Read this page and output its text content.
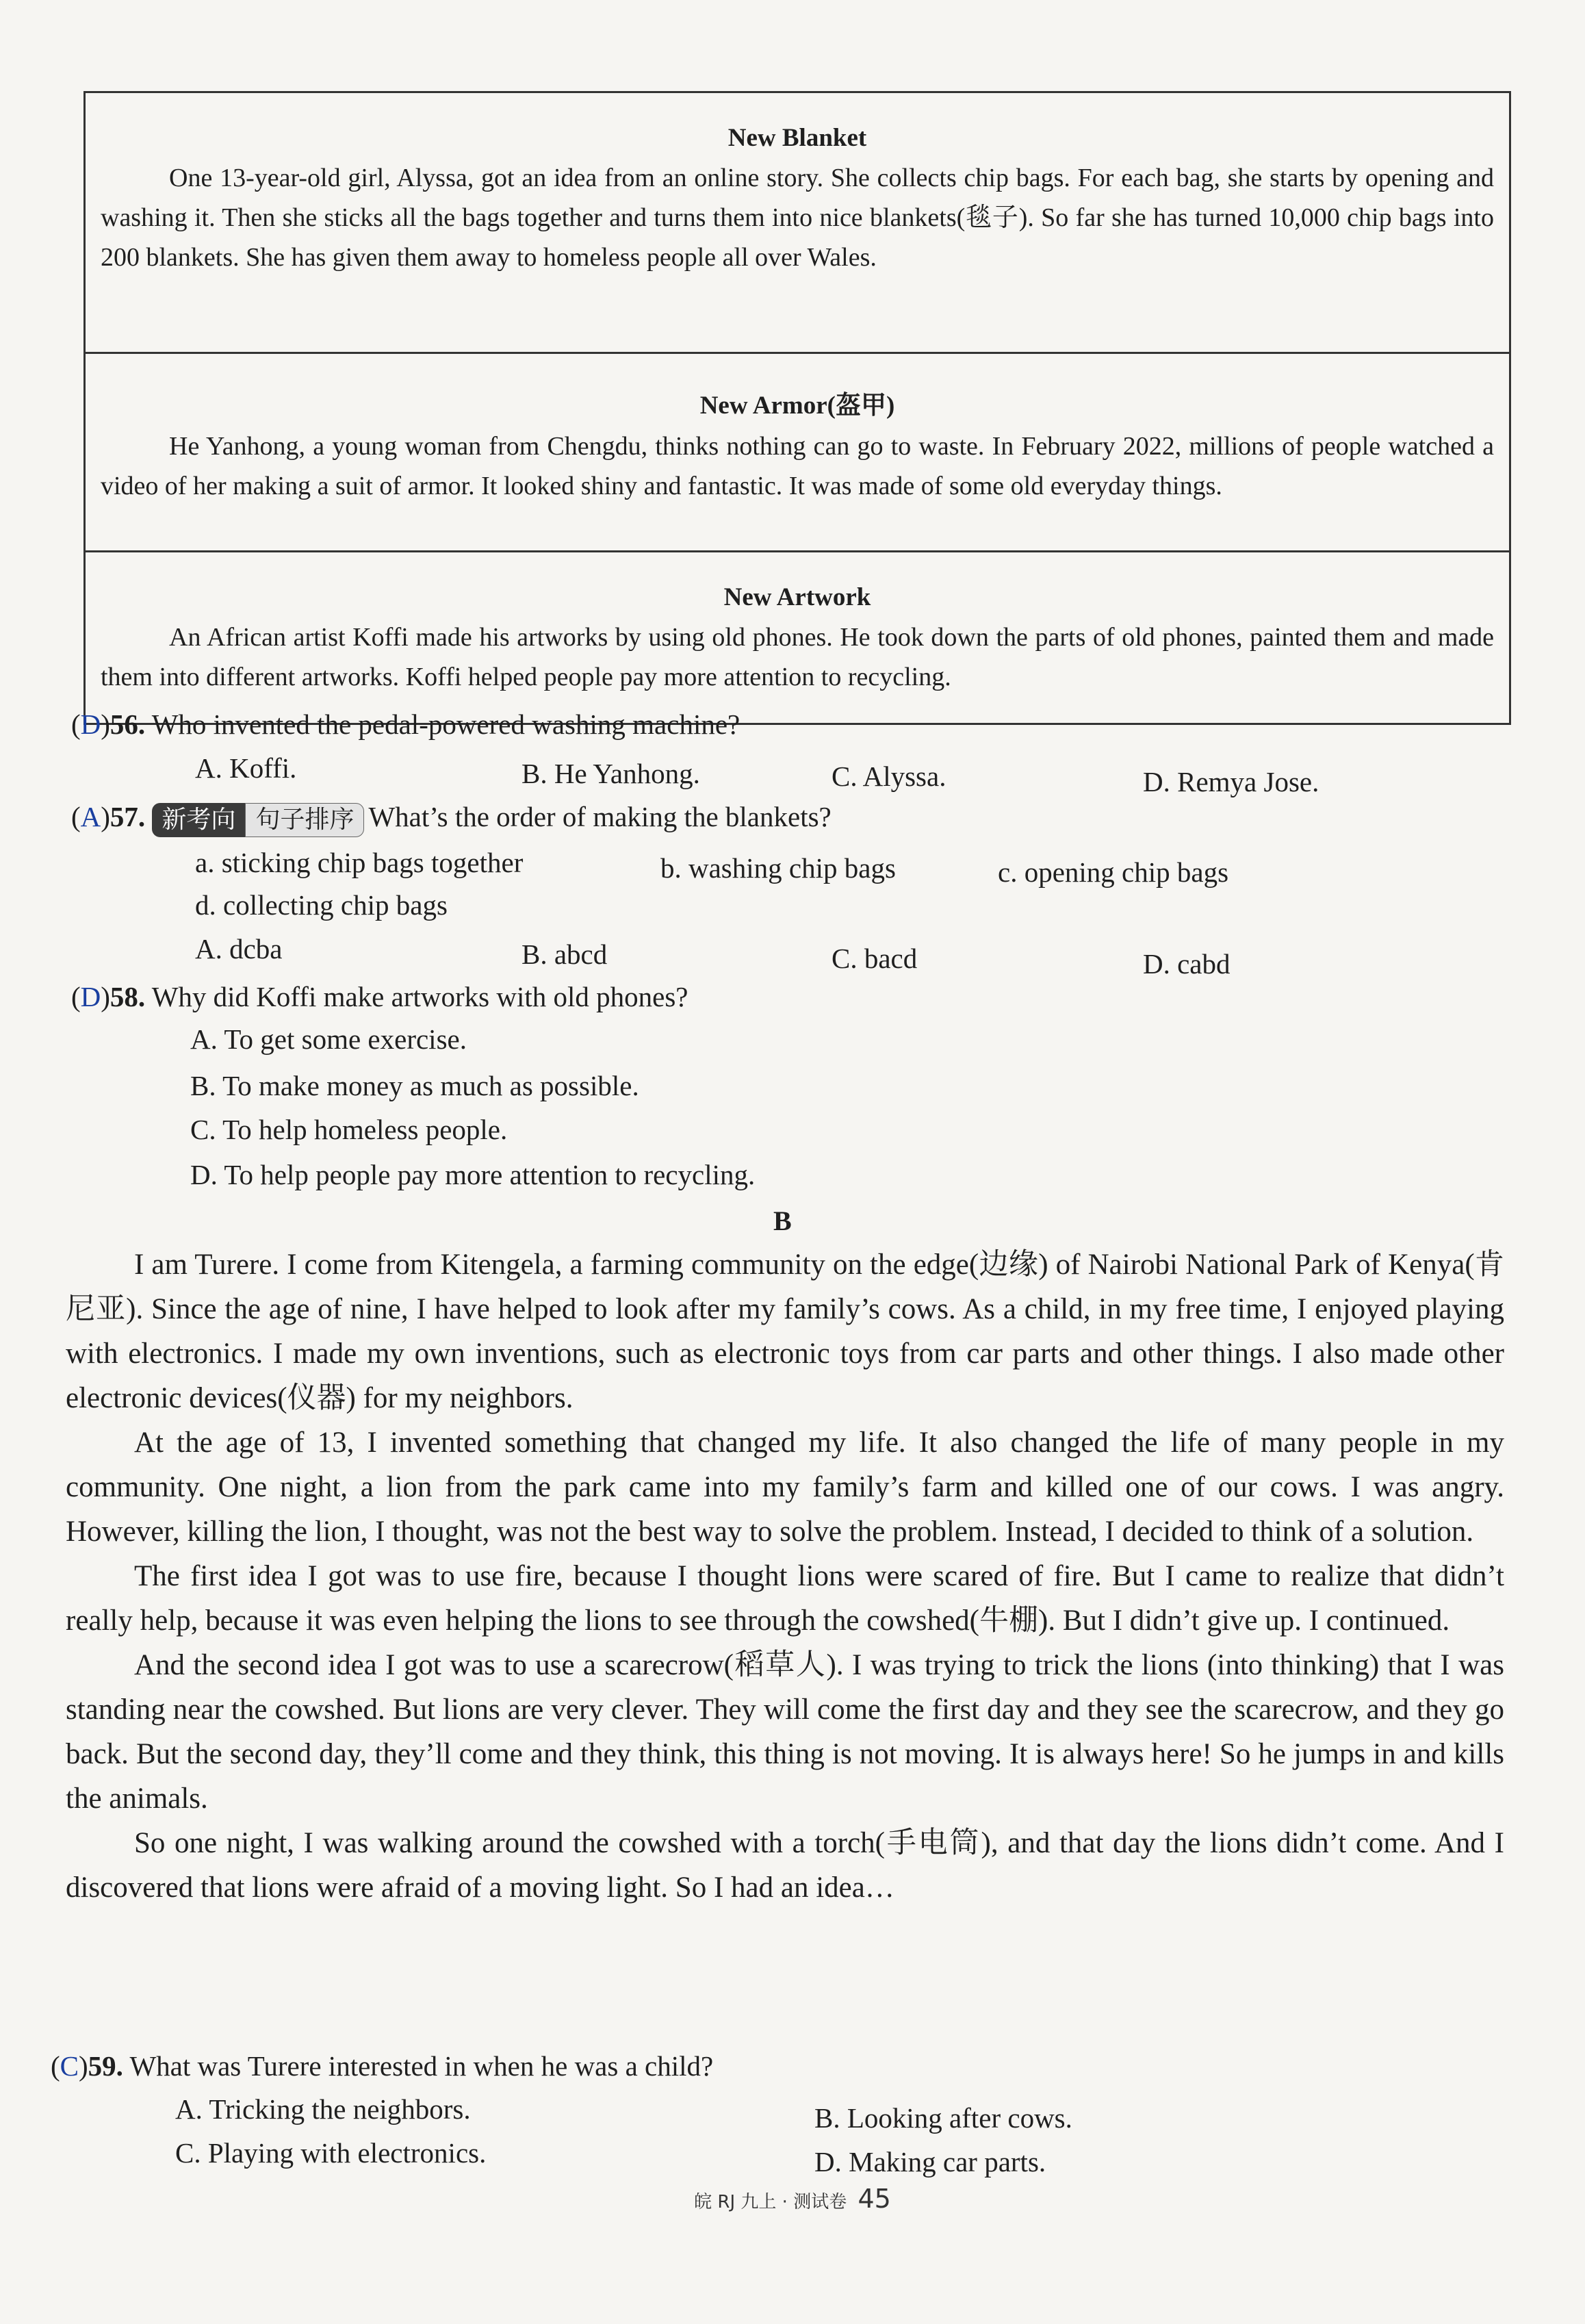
New Blanket

One 13-year-old girl, Alyssa, got an idea from an online story. She collects chip bags. For each bag, she starts by opening and washing it. Then she sticks all the bags together and turns them into nice blankets(毯子). So far she has turned 10,000 chip bags into 200 blankets. She has given them away to homeless people all over Wales.

New Armor(盔甲)

He Yanhong, a young woman from Chengdu, thinks nothing can go to waste. In February 2022, millions of people watched a video of her making a suit of armor. It looked shiny and fantastic. It was made of some old everyday things.

New Artwork

An African artist Koffi made his artworks by using old phones. He took down the parts of old phones, painted them and made them into different artworks. Koffi helped people pay more attention to recycling.

(D)56. Who invented the pedal-powered washing machine?
A. Koffi.	B. He Yanhong.	C. Alyssa.	D. Remya Jose.
(A)57. 新考向 句子排序 What’s the order of making the blankets?
a. sticking chip bags together	b. washing chip bags	c. opening chip bags
d. collecting chip bags
A. dcba	B. abcd	C. bacd	D. cabd
(D)58. Why did Koffi make artworks with old phones?
A. To get some exercise.
B. To make money as much as possible.
C. To help homeless people.
D. To help people pay more attention to recycling.
B

I am Turere. I come from Kitengela, a farming community on the edge(边缘) of Nairobi National Park of Kenya(肯尼亚). Since the age of nine, I have helped to look after my family’s cows. As a child, in my free time, I enjoyed playing with electronics. I made my own inventions, such as electronic toys from car parts and other things. I also made other electronic devices(仪器) for my neighbors.

At the age of 13, I invented something that changed my life. It also changed the life of many people in my community. One night, a lion from the park came into my family’s farm and killed one of our cows. I was angry. However, killing the lion, I thought, was not the best way to solve the problem. Instead, I decided to think of a solution.

The first idea I got was to use fire, because I thought lions were scared of fire. But I came to realize that didn’t really help, because it was even helping the lions to see through the cowshed(牛棚). But I didn’t give up. I continued.

And the second idea I got was to use a scarecrow(稻草人). I was trying to trick the lions (into thinking) that I was standing near the cowshed. But lions are very clever. They will come the first day and they see the scarecrow, and they go back. But the second day, they’ll come and they think, this thing is not moving. It is always here! So he jumps in and kills the animals.

So one night, I was walking around the cowshed with a torch(手电筒), and that day the lions didn’t come. And I discovered that lions were afraid of a moving light. So I had an idea…

(C)59. What was Turere interested in when he was a child?
A. Tricking the neighbors.	B. Looking after cows.
C. Playing with electronics.	D. Making car parts.
皖 RJ 九上 · 测试卷 45
